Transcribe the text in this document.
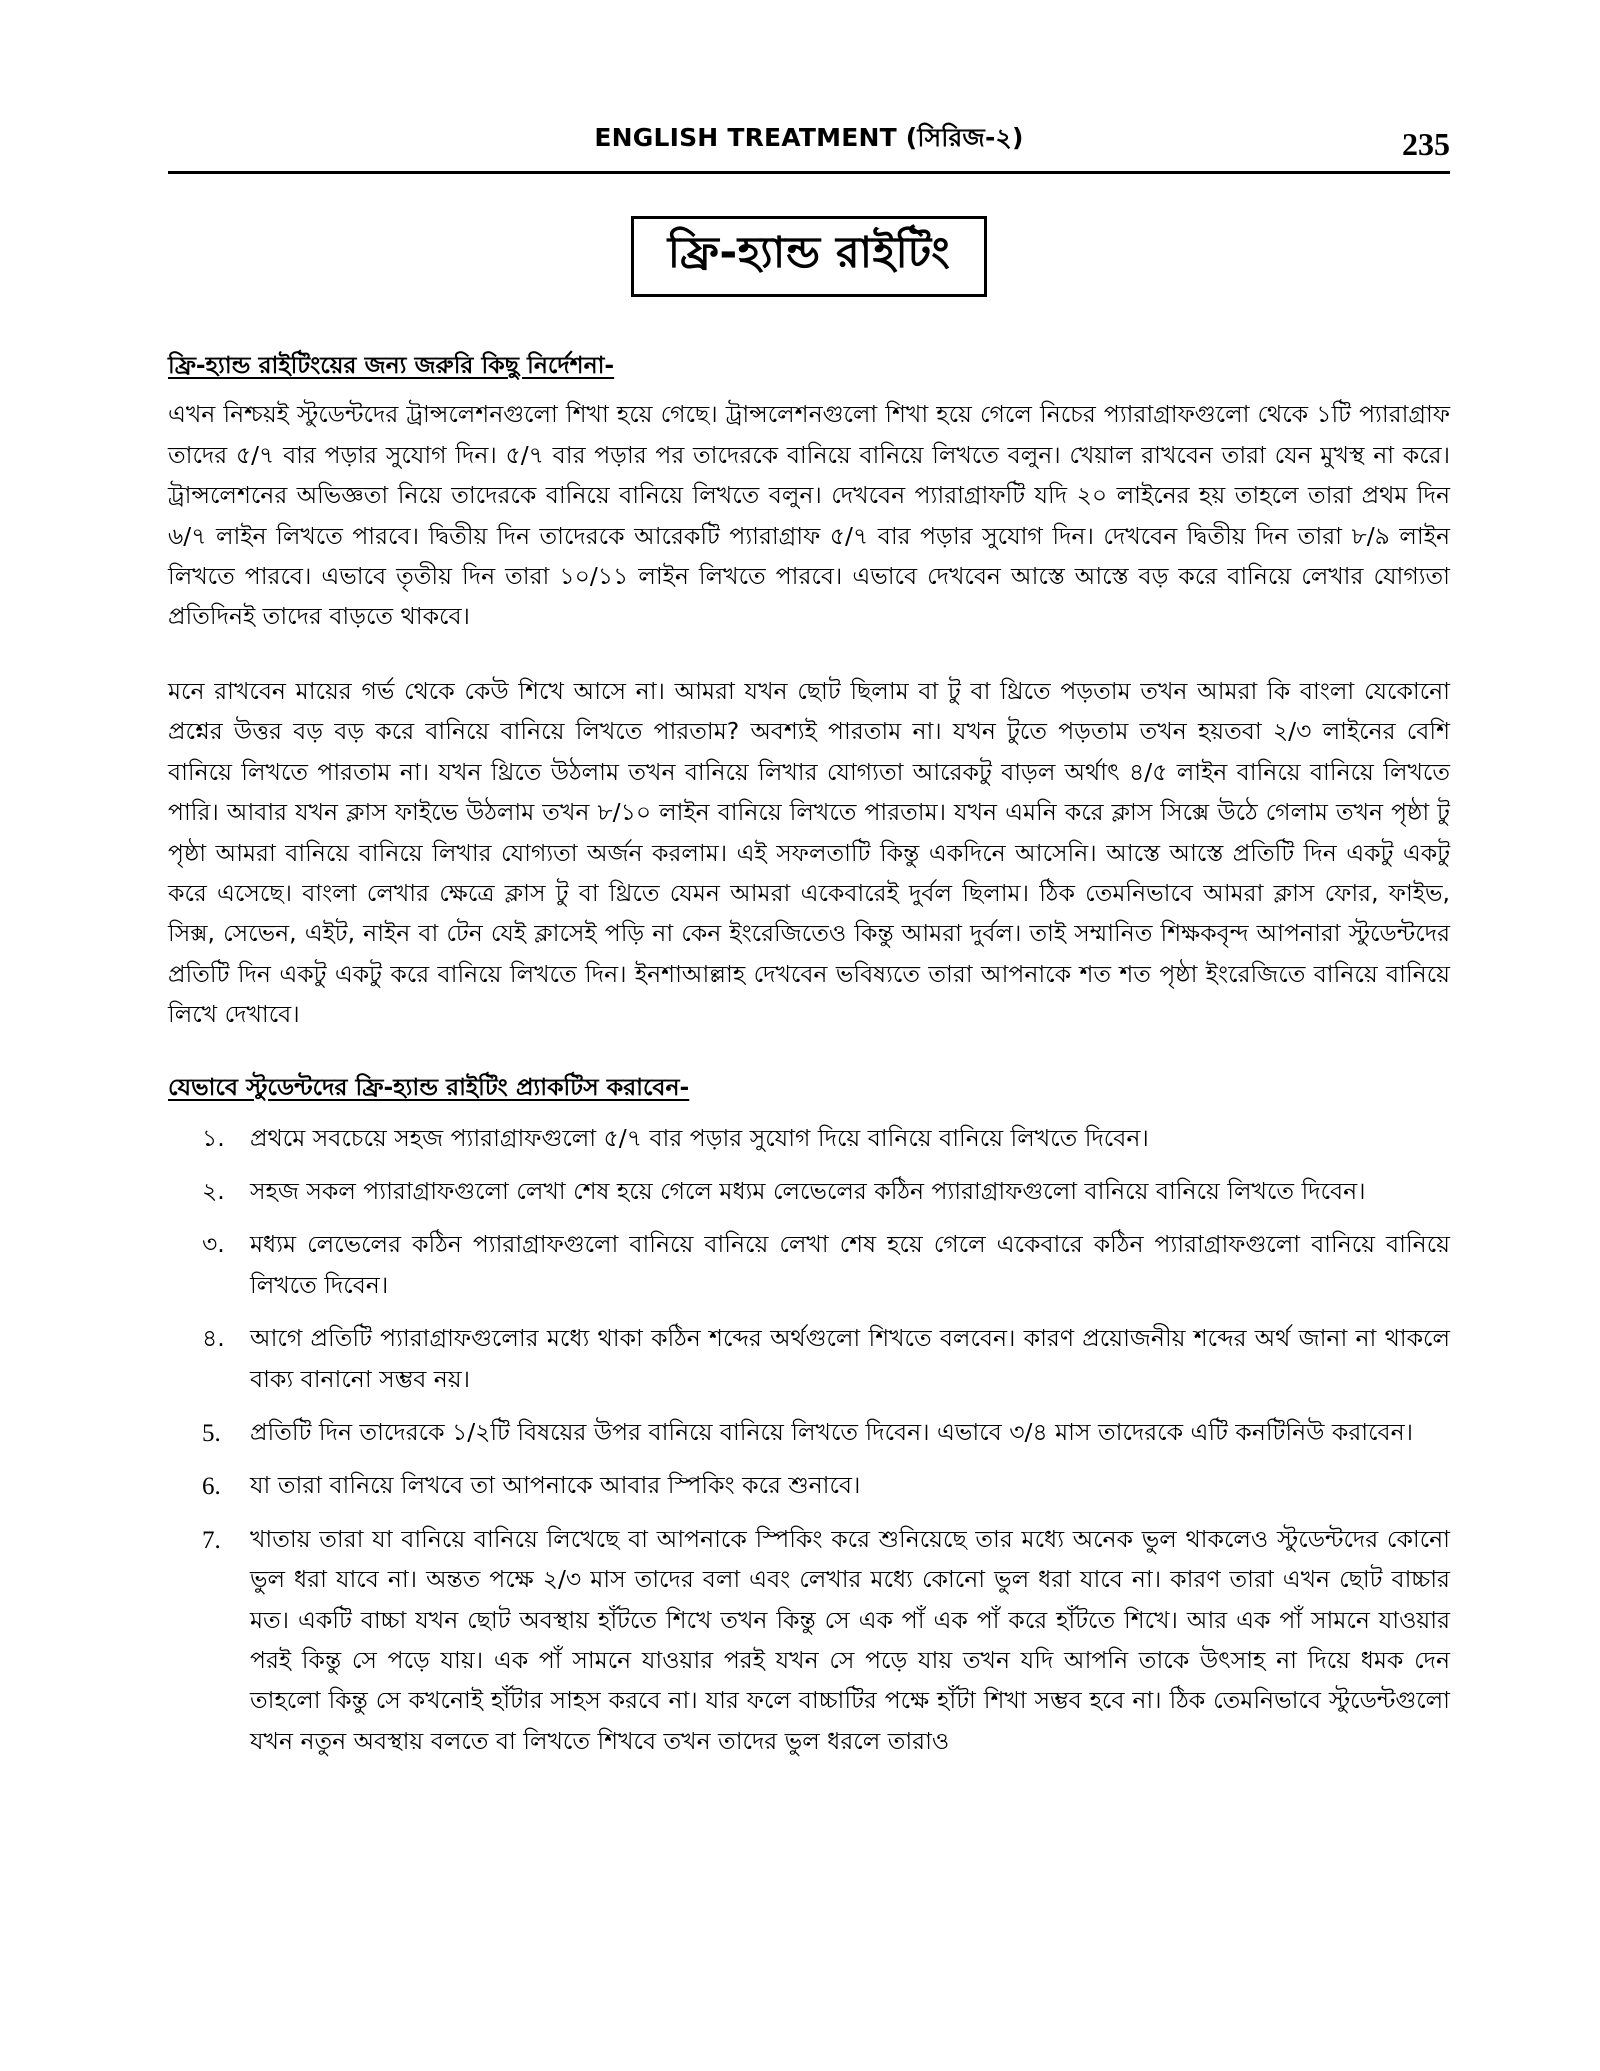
ENGLISH TREATMENT (সিরিজ-২)	235
ফ্রি-হ্যান্ড রাইটিং
ফ্রি-হ্যান্ড রাইটিংয়ের জন্য জরুরি কিছু নির্দেশনা-

এখন নিশ্চয়ই স্টুডেন্টদের ট্রান্সলেশনগুলো শিখা হয়ে গেছে। ট্রান্সলেশনগুলো শিখা হয়ে গেলে নিচের প্যারাগ্রাফগুলো থেকে ১টি প্যারাগ্রাফ তাদের ৫/৭ বার পড়ার সুযোগ দিন। ৫/৭ বার পড়ার পর তাদেরকে বানিয়ে বানিয়ে লিখতে বলুন। খেয়াল রাখবেন তারা যেন মুখস্থ না করে। ট্রান্সলেশনের অভিজ্ঞতা নিয়ে তাদেরকে বানিয়ে বানিয়ে লিখতে বলুন। দেখবেন প্যারাগ্রাফটি যদি ২০ লাইনের হয় তাহলে তারা প্রথম দিন ৬/৭ লাইন লিখতে পারবে। দ্বিতীয় দিন তাদেরকে আরেকটি প্যারাগ্রাফ ৫/৭ বার পড়ার সুযোগ দিন। দেখবেন দ্বিতীয় দিন তারা ৮/৯ লাইন লিখতে পারবে। এভাবে তৃতীয় দিন তারা ১০/১১ লাইন লিখতে পারবে। এভাবে দেখবেন আস্তে আস্তে বড় করে বানিয়ে লেখার যোগ্যতা প্রতিদিনই তাদের বাড়তে থাকবে।

মনে রাখবেন মায়ের গর্ভ থেকে কেউ শিখে আসে না। আমরা যখন ছোট ছিলাম বা টু বা থ্রিতে পড়তাম তখন আমরা কি বাংলা যেকোনো প্রশ্নের উত্তর বড় বড় করে বানিয়ে বানিয়ে লিখতে পারতাম? অবশ্যই পারতাম না। যখন টুতে পড়তাম তখন হয়তবা ২/৩ লাইনের বেশি বানিয়ে লিখতে পারতাম না। যখন থ্রিতে উঠলাম তখন বানিয়ে লিখার যোগ্যতা আরেকটু বাড়ল অর্থাৎ ৪/৫ লাইন বানিয়ে বানিয়ে লিখতে পারি। আবার যখন ক্লাস ফাইভে উঠলাম তখন ৮/১০ লাইন বানিয়ে লিখতে পারতাম। যখন এমনি করে ক্লাস সিক্সে উঠে গেলাম তখন পৃষ্ঠা টু পৃষ্ঠা আমরা বানিয়ে বানিয়ে লিখার যোগ্যতা অর্জন করলাম। এই সফলতাটি কিন্তু একদিনে আসেনি। আস্তে আস্তে প্রতিটি দিন একটু একটু করে এসেছে। বাংলা লেখার ক্ষেত্রে ক্লাস টু বা থ্রিতে যেমন আমরা একেবারেই দুর্বল ছিলাম। ঠিক তেমনিভাবে আমরা ক্লাস ফোর, ফাইভ, সিক্স, সেভেন, এইট, নাইন বা টেন যেই ক্লাসেই পড়ি না কেন ইংরেজিতেও কিন্তু আমরা দুর্বল। তাই সম্মানিত শিক্ষকবৃন্দ আপনারা স্টুডেন্টদের প্রতিটি দিন একটু একটু করে বানিয়ে লিখতে দিন। ইনশাআল্লাহ দেখবেন ভবিষ্যতে তারা আপনাকে শত শত পৃষ্ঠা ইংরেজিতে বানিয়ে বানিয়ে লিখে দেখাবে।

যেভাবে স্টুডেন্টদের ফ্রি-হ্যান্ড রাইটিং প্র্যাকটিস করাবেন-
১.	প্রথমে সবচেয়ে সহজ প্যারাগ্রাফগুলো ৫/৭ বার পড়ার সুযোগ দিয়ে বানিয়ে বানিয়ে লিখতে দিবেন।
২.	সহজ সকল প্যারাগ্রাফগুলো লেখা শেষ হয়ে গেলে মধ্যম লেভেলের কঠিন প্যারাগ্রাফগুলো বানিয়ে বানিয়ে লিখতে দিবেন।
৩.	মধ্যম লেভেলের কঠিন প্যারাগ্রাফগুলো বানিয়ে বানিয়ে লেখা শেষ হয়ে গেলে একেবারে কঠিন প্যারাগ্রাফগুলো বানিয়ে বানিয়ে লিখতে দিবেন।
৪.	আগে প্রতিটি প্যারাগ্রাফগুলোর মধ্যে থাকা কঠিন শব্দের অর্থগুলো শিখতে বলবেন। কারণ প্রয়োজনীয় শব্দের অর্থ জানা না থাকলে বাক্য বানানো সম্ভব নয়।
5.	প্রতিটি দিন তাদেরকে ১/২টি বিষয়ের উপর বানিয়ে বানিয়ে লিখতে দিবেন। এভাবে ৩/৪ মাস তাদেরকে এটি কনটিনিউ করাবেন।
6.	যা তারা বানিয়ে লিখবে তা আপনাকে আবার স্পিকিং করে শুনাবে।
7.	খাতায় তারা যা বানিয়ে বানিয়ে লিখেছে বা আপনাকে স্পিকিং করে শুনিয়েছে তার মধ্যে অনেক ভুল থাকলেও স্টুডেন্টদের কোনো ভুল ধরা যাবে না। অন্তত পক্ষে ২/৩ মাস তাদের বলা এবং লেখার মধ্যে কোনো ভুল ধরা যাবে না। কারণ তারা এখন ছোট বাচ্চার মত। একটি বাচ্চা যখন ছোট অবস্থায় হাঁটতে শিখে তখন কিন্তু সে এক পাঁ এক পাঁ করে হাঁটতে শিখে। আর এক পাঁ সামনে যাওয়ার পরই কিন্তু সে পড়ে যায়। এক পাঁ সামনে যাওয়ার পরই যখন সে পড়ে যায় তখন যদি আপনি তাকে উৎসাহ না দিয়ে ধমক দেন তাহলো কিন্তু সে কখনোই হাঁটার সাহস করবে না। যার ফলে বাচ্চাটির পক্ষে হাঁটা শিখা সম্ভব হবে না। ঠিক তেমনিভাবে স্টুডেন্টগুলো যখন নতুন অবস্থায় বলতে বা লিখতে শিখবে তখন তাদের ভুল ধরলে তারাও
